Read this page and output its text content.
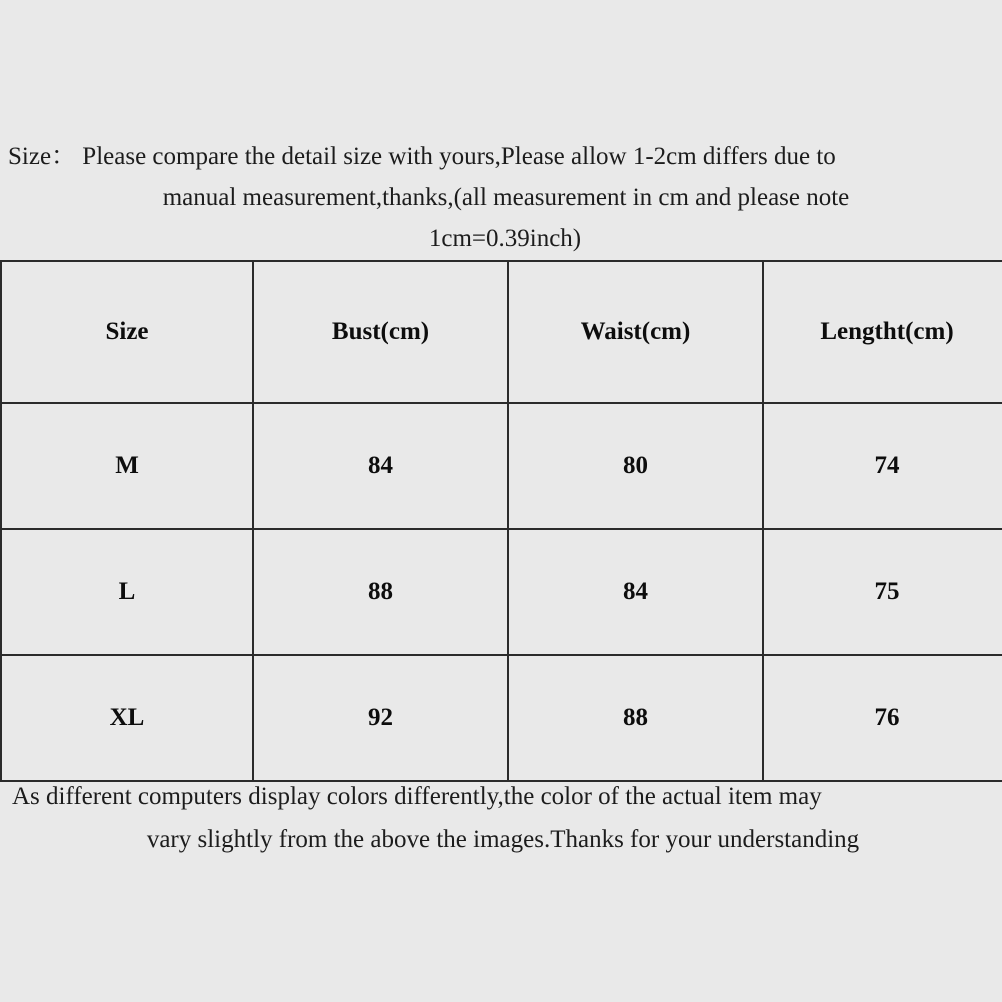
Size： Please compare the detail size with yours,Please allow 1-2cm differs due to
manual measurement,thanks,(all measurement in cm and please note
1cm=0.39inch)
Size	Bust(cm)	Waist(cm)	Lengtht(cm)
M	84	80	74
L	88	84	75
XL	92	88	76
As different computers display colors differently,the color of the actual item may
vary slightly from the above the images.Thanks for your understanding
